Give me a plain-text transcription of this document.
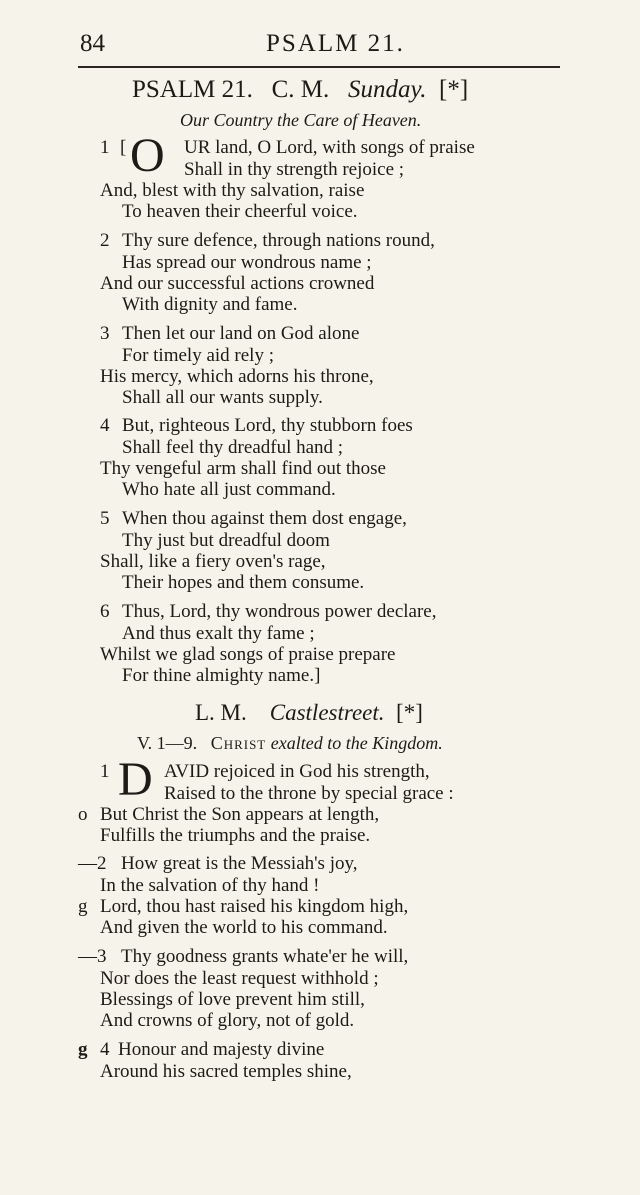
84	PSALM 21.
PSALM 21. C. M. Sunday. [*]
Our Country the Care of Heaven.
1 [ O UR land, O Lord, with songs of praise
Shall in thy strength rejoice ;
And, blest with thy salvation, raise
To heaven their cheerful voice.
2 Thy sure defence, through nations round,
Has spread our wondrous name ;
And our successful actions crowned
With dignity and fame.
3 Then let our land on God alone
For timely aid rely ;
His mercy, which adorns his throne,
Shall all our wants supply.
4 But, righteous Lord, thy stubborn foes
Shall feel thy dreadful hand ;
Thy vengeful arm shall find out those
Who hate all just command.
5 When thou against them dost engage,
Thy just but dreadful doom
Shall, like a fiery oven's rage,
Their hopes and them consume.
6 Thus, Lord, thy wondrous power declare,
And thus exalt thy fame ;
Whilst we glad songs of praise prepare
For thine almighty name.]
L. M. Castlestreet. [*]
V. 1—9. Christ exalted to the Kingdom.
1 D AVID rejoiced in God his strength,
Raised to the throne by special grace :
o But Christ the Son appears at length,
Fulfills the triumphs and the praise.
—2 How great is the Messiah's joy,
In the salvation of thy hand !
g Lord, thou hast raised his kingdom high,
And given the world to his command.
—3 Thy goodness grants whate'er he will,
Nor does the least request withhold ;
Blessings of love prevent him still,
And crowns of glory, not of gold.
g 4 Honour and majesty divine
Around his sacred temples shine,
